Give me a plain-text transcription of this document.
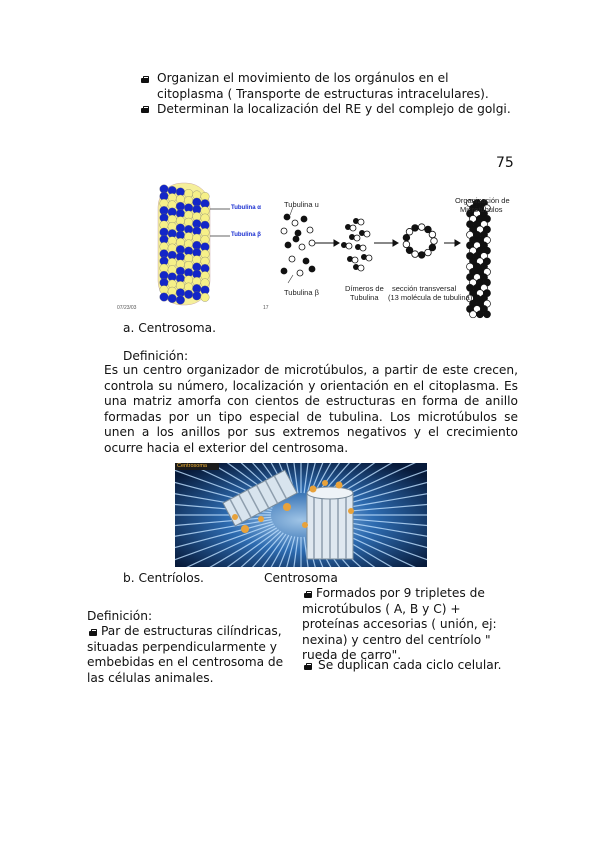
Organizan el movimiento de los orgánulos en el
citoplasma ( Transporte de estructuras intracelulares).
Determinan la localización del RE y del complejo de golgi.
75
Tubulina α
Tubulina β
Tubulina u
Tubulina β	Dímeros de
Tubulina
sección transversal
(13 molécula de tubulina)
Organización de
Microtúbulos
07/23/03	17
a. Centrosoma.
Definición:
Es un centro organizador de microtúbulos, a partir de este crecen, controla su número, localización y orientación en el citoplasma. Es una matriz amorfa con cientos de estructuras en forma de anillo formadas por un tipo especial de tubulina. Los microtúbulos se unen a los anillos por sus extremos negativos y el crecimiento ocurre hacia el exterior del centrosoma.
Centrosoma
b. Centríolos.	Centrosoma
Definición:
Par de estructuras cilíndricas, situadas perpendicularmente y embebidas en el centrosoma de las células animales.
Formados por 9 tripletes de microtúbulos ( A, B y C) + proteínas accesorias ( unión, ej: nexina) y centro del centríolo " rueda de carro".
Se duplican cada ciclo celular.
